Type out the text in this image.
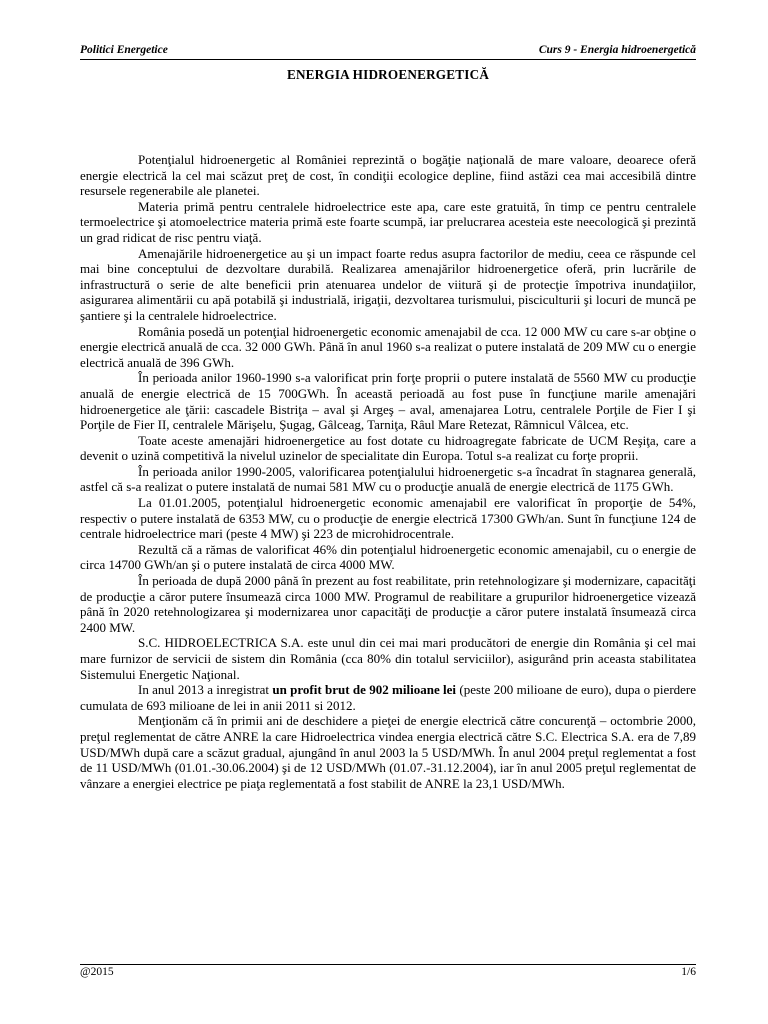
Politici Energetice	Curs 9 - Energia hidroenergetică
ENERGIA HIDROENERGETICĂ

Potenţialul hidroenergetic al României reprezintă o bogăţie naţională de mare valoare, deoarece oferă energie electrică la cel mai scăzut preţ de cost, în condiţii ecologice depline, fiind astăzi cea mai accesibilă dintre resursele regenerabile ale planetei.

Materia primă pentru centralele hidroelectrice este apa, care este gratuită, în timp ce pentru centralele termoelectrice şi atomoelectrice materia primă este foarte scumpă, iar prelucrarea acesteia este neecologică şi prezintă un grad ridicat de risc pentru viaţă.

Amenajările hidroenergetice au şi un impact foarte redus asupra factorilor de mediu, ceea ce răspunde cel mai bine conceptului de dezvoltare durabilă. Realizarea amenajărilor hidroenergetice oferă, prin lucrările de infrastructură o serie de alte beneficii prin atenuarea undelor de viitură şi de protecţie împotriva inundaţiilor, asigurarea alimentării cu apă potabilă şi industrială, irigaţii, dezvoltarea turismului, pisciculturii şi locuri de muncă pe şantiere şi la centralele hidroelectrice.

România posedă un potenţial hidroenergetic economic amenajabil de cca. 12 000 MW cu care s-ar obţine o energie electrică anuală de cca. 32 000 GWh. Până în anul 1960 s-a realizat o putere instalată de 209 MW cu o energie electrică anuală de 396 GWh.

În perioada anilor 1960-1990 s-a valorificat prin forţe proprii o putere instalată de 5560 MW cu producţie anuală de energie electrică de 15 700GWh. În această perioadă au fost puse în funcţiune marile amenajări hidroenergetice ale ţării: cascadele Bistriţa – aval şi Argeş – aval, amenajarea Lotru, centralele Porţile de Fier I şi Porţile de Fier II, centralele Mărişelu, Şugag, Gâlceag, Tarniţa, Râul Mare Retezat, Râmnicul Vâlcea, etc.

Toate aceste amenajări hidroenergetice au fost dotate cu hidroagregate fabricate de UCM Reşiţa, care a devenit o uzină competitivă la nivelul uzinelor de specialitate din Europa. Totul s-a realizat cu forţe proprii.

În perioada anilor 1990-2005, valorificarea potenţialului hidroenergetic s-a încadrat în stagnarea generală, astfel că s-a realizat o putere instalată de numai 581 MW cu o producţie anuală de energie electrică de 1175 GWh.

La 01.01.2005, potenţialul hidroenergetic economic amenajabil ere valorificat în proporţie de 54%, respectiv o putere instalată de 6353 MW, cu o producţie de energie electrică 17300 GWh/an. Sunt în funcţiune 124 de centrale hidroelectrice mari (peste 4 MW) şi 223 de microhidrocentrale.

Rezultă că a rămas de valorificat 46% din potenţialul hidroenergetic economic amenajabil, cu o energie de circa 14700 GWh/an şi o putere instalată de circa 4000 MW.

În perioada de după 2000 până în prezent au fost reabilitate, prin retehnologizare şi modernizare, capacităţi de producţie a căror putere însumează circa 1000 MW. Programul de reabilitare a grupurilor hidroenergetice vizează până în 2020 retehnologizarea şi modernizarea unor capacităţi de producţie a căror putere instalată însumează circa 2400 MW.

S.C. HIDROELECTRICA S.A. este unul din cei mai mari producători de energie din România şi cel mai mare furnizor de servicii de sistem din România (cca 80% din totalul serviciilor), asigurând prin aceasta stabilitatea Sistemului Energetic Naţional.

In anul 2013 a inregistrat un profit brut de 902 milioane lei (peste 200 milioane de euro), dupa o pierdere cumulata de 693 milioane de lei in anii 2011 si 2012.

Menţionăm că în primii ani de deschidere a pieţei de energie electrică către concurenţă – octombrie 2000, preţul reglementat de către ANRE la care Hidroelectrica vindea energia electrică către S.C. Electrica S.A. era de 7,89 USD/MWh după care a scăzut gradual, ajungând în anul 2003 la 5 USD/MWh. În anul 2004 preţul reglementat a fost de 11 USD/MWh (01.01.-30.06.2004) şi de 12 USD/MWh (01.07.-31.12.2004), iar în anul 2005 preţul reglementat de vânzare a energiei electrice pe piaţa reglementată a fost stabilit de ANRE la 23,1 USD/MWh.

@2015	1/6
